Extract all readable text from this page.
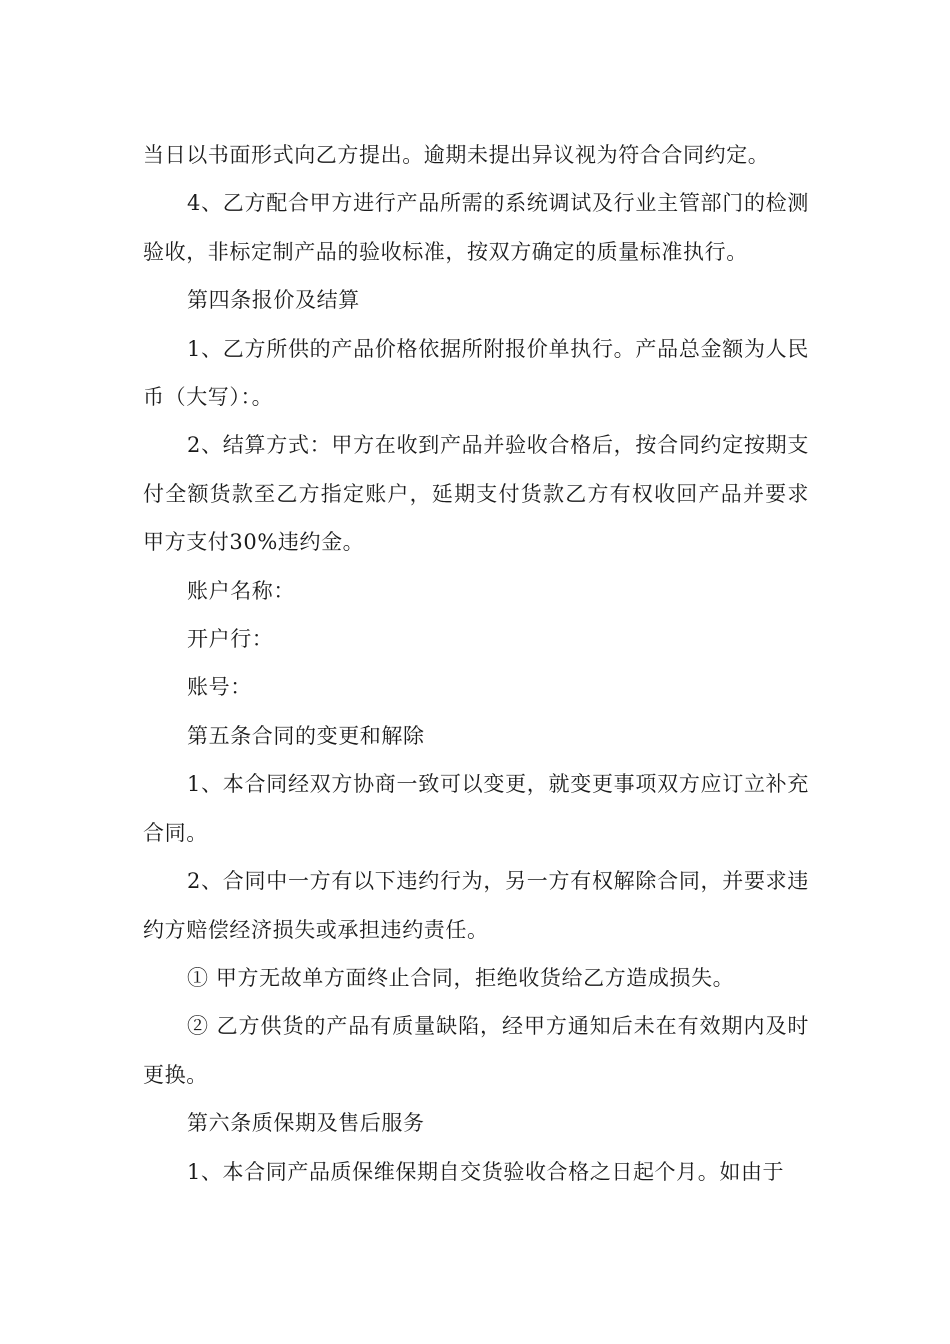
当日以书面形式向乙方提出。逾期未提出异议视为符合合同约定。

4、乙方配合甲方进行产品所需的系统调试及行业主管部门的检测验收，非标定制产品的验收标准，按双方确定的质量标准执行。

第四条报价及结算

1、乙方所供的产品价格依据所附报价单执行。产品总金额为人民币（大写）：。

2、结算方式：甲方在收到产品并验收合格后，按合同约定按期支付全额货款至乙方指定账户，延期支付货款乙方有权收回产品并要求甲方支付30%违约金。

账户名称：

开户行：

账号：

第五条合同的变更和解除

1、本合同经双方协商一致可以变更，就变更事项双方应订立补充合同。

2、合同中一方有以下违约行为，另一方有权解除合同，并要求违约方赔偿经济损失或承担违约责任。

① 甲方无故单方面终止合同，拒绝收货给乙方造成损失。

② 乙方供货的产品有质量缺陷，经甲方通知后未在有效期内及时更换。

第六条质保期及售后服务

1、本合同产品质保维保期自交货验收合格之日起个月。如由于
